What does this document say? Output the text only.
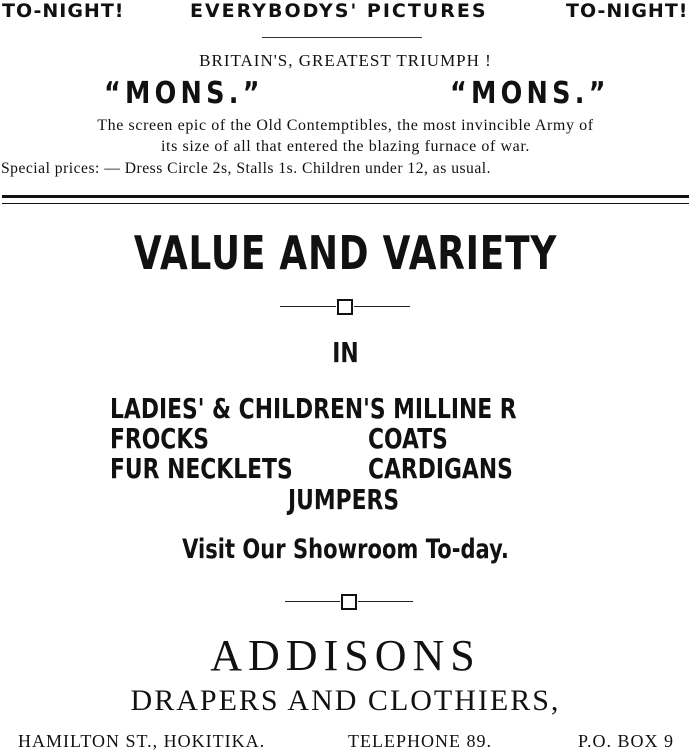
TO-NIGHT!	EVERYBODYS' PICTURES	TO-NIGHT!
BRITAIN'S, GREATEST TRIUMPH !
“MONS.”	“MONS.”
The screen epic of the Old Contemptibles, the most invincible Army of
its size of all that entered the blazing furnace of war.
Special prices: — Dress Circle 2s, Stalls 1s. Children under 12, as usual.
VALUE AND VARIETY
IN
LADIES' & CHILDREN'S MILLINE R
FROCKS	COATS
FUR NECKLETS	CARDIGANS
JUMPERS
Visit Our Showroom To-day.
ADDISONS
DRAPERS AND CLOTHIERS,
HAMILTON ST., HOKITIKA.	TELEPHONE 89.	P.O. BOX 9
